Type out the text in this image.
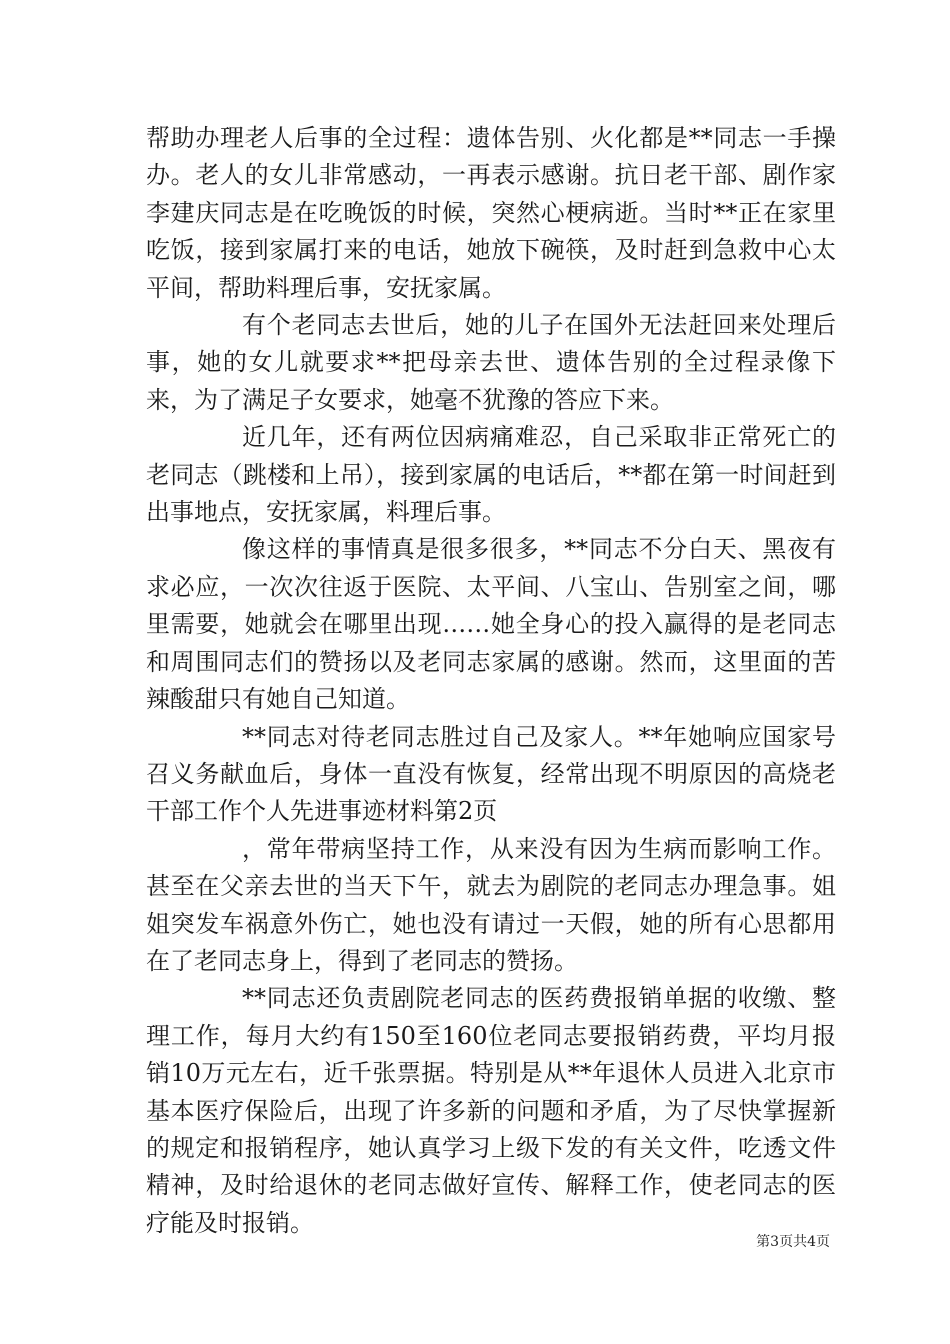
帮助办理老人后事的全过程：遗体告别、火化都是**同志一手操办。老人的女儿非常感动，一再表示感谢。抗日老干部、剧作家李建庆同志是在吃晚饭的时候，突然心梗病逝。当时**正在家里吃饭，接到家属打来的电话，她放下碗筷，及时赶到急救中心太平间，帮助料理后事，安抚家属。

有个老同志去世后，她的儿子在国外无法赶回来处理后事，她的女儿就要求**把母亲去世、遗体告别的全过程录像下来，为了满足子女要求，她毫不犹豫的答应下来。

近几年，还有两位因病痛难忍，自己采取非正常死亡的老同志（跳楼和上吊），接到家属的电话后，**都在第一时间赶到出事地点，安抚家属，料理后事。

像这样的事情真是很多很多，**同志不分白天、黑夜有求必应，一次次往返于医院、太平间、八宝山、告别室之间，哪里需要，她就会在哪里出现……她全身心的投入赢得的是老同志和周围同志们的赞扬以及老同志家属的感谢。然而，这里面的苦辣酸甜只有她自己知道。

**同志对待老同志胜过自己及家人。**年她响应国家号召义务献血后，身体一直没有恢复，经常出现不明原因的高烧老干部工作个人先进事迹材料第2页

，常年带病坚持工作，从来没有因为生病而影响工作。甚至在父亲去世的当天下午，就去为剧院的老同志办理急事。姐姐突发车祸意外伤亡，她也没有请过一天假，她的所有心思都用在了老同志身上，得到了老同志的赞扬。

**同志还负责剧院老同志的医药费报销单据的收缴、整理工作，每月大约有150至160位老同志要报销药费，平均月报销10万元左右，近千张票据。特别是从**年退休人员进入北京市基本医疗保险后，出现了许多新的问题和矛盾，为了尽快掌握新的规定和报销程序，她认真学习上级下发的有关文件，吃透文件精神，及时给退休的老同志做好宣传、解释工作，使老同志的医疗能及时报销。

第3页共4页
